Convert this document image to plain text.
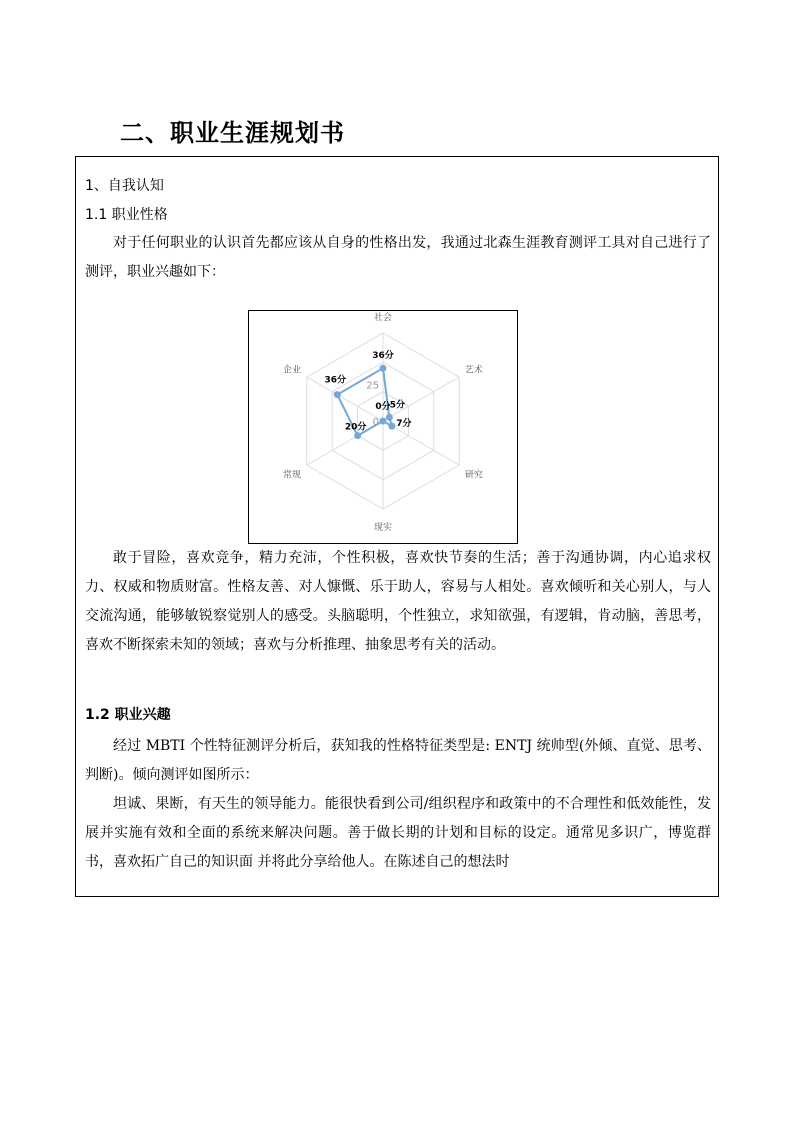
二、职业生涯规划书
1、自我认知
1.1 职业性格
对于任何职业的认识首先都应该从自身的性格出发，我通过北森生涯教育测评工具对自己进行了测评，职业兴趣如下：
0
25
社会
艺术
研究
现实
常规
企业
36分
5分
7分
0分
20分
36分
敢于冒险，喜欢竞争，精力充沛，个性积极，喜欢快节奏的生活；善于沟通协调，内心追求权力、权威和物质财富。性格友善、对人慷慨、乐于助人，容易与人相处。喜欢倾听和关心别人，与人交流沟通，能够敏锐察觉别人的感受。头脑聪明，个性独立，求知欲强，有逻辑，肯动脑，善思考，喜欢不断探索未知的领域；喜欢与分析推理、抽象思考有关的活动。
1.2 职业兴趣
经过 MBTI 个性特征测评分析后，获知我的性格特征类型是: ENTJ 统帅型(外倾、直觉、思考、判断)。倾向测评如图所示：
坦诚、果断，有天生的领导能力。能很快看到公司/组织程序和政策中的不合理性和低效能性，发展并实施有效和全面的系统来解决问题。善于做长期的计划和目标的设定。通常见多识广，博览群书，喜欢拓广自己的知识面 并将此分享给他人。在陈述自己的想法时
